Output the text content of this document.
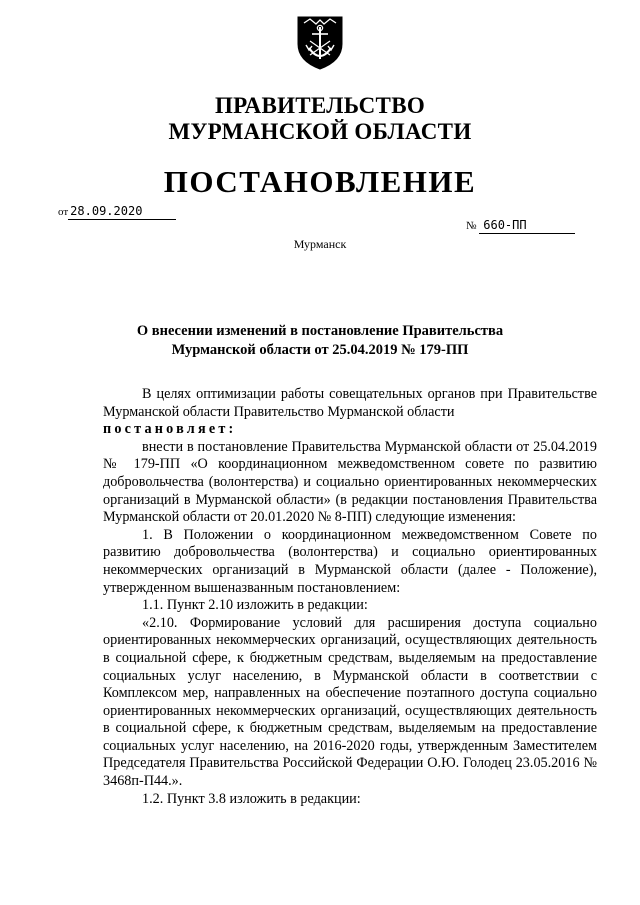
ПРАВИТЕЛЬСТВО
МУРМАНСКОЙ ОБЛАСТИ
ПОСТАНОВЛЕНИЕ
от 28.09.2020
№ 660-ПП
Мурманск
О внесении изменений в постановление Правительства
Мурманской области от 25.04.2019 № 179-ПП

В целях оптимизации работы совещательных органов при Правительстве Мурманской области Правительство Мурманской области

постановляет:

внести в постановление Правительства Мурманской области от 25.04.2019 № 179-ПП «О координационном межведомственном совете по развитию добровольчества (волонтерства) и социально ориентированных некоммерческих организаций в Мурманской области» (в редакции постановления Правительства Мурманской области от 20.01.2020 № 8-ПП) следующие изменения:

1. В Положении о координационном межведомственном Совете по развитию добровольчества (волонтерства) и социально ориентированных некоммерческих организаций в Мурманской области (далее - Положение), утвержденном вышеназванным постановлением:

1.1. Пункт 2.10 изложить в редакции:

«2.10. Формирование условий для расширения доступа социально ориентированных некоммерческих организаций, осуществляющих деятельность в социальной сфере, к бюджетным средствам, выделяемым на предоставление социальных услуг населению, в Мурманской области в соответствии с Комплексом мер, направленных на обеспечение поэтапного доступа социально ориентированных некоммерческих организаций, осуществляющих деятельность в социальной сфере, к бюджетным средствам, выделяемым на предоставление социальных услуг населению, на 2016-2020 годы, утвержденным Заместителем Председателя Правительства Российской Федерации О.Ю. Голодец 23.05.2016 № 3468п-П44.».

1.2. Пункт 3.8 изложить в редакции:
